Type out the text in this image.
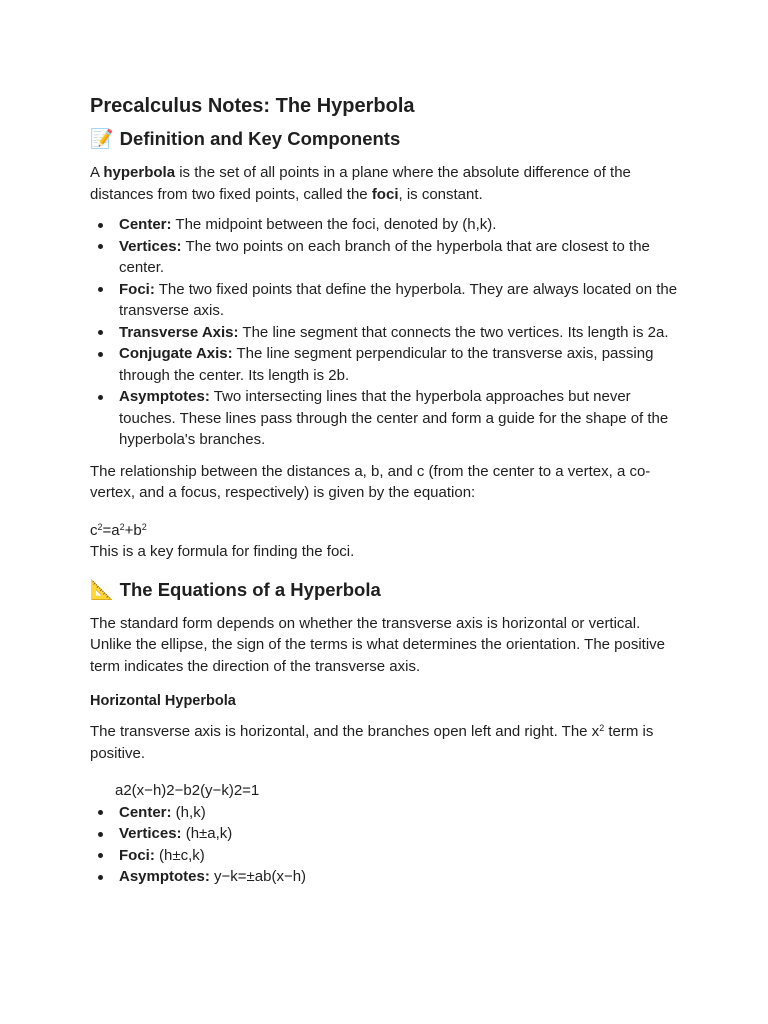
Precalculus Notes: The Hyperbola
📝 Definition and Key Components

A hyperbola is the set of all points in a plane where the absolute difference of the distances from two fixed points, called the foci, is constant.

Center: The midpoint between the foci, denoted by (h,k).
Vertices: The two points on each branch of the hyperbola that are closest to the center.
Foci: The two fixed points that define the hyperbola. They are always located on the transverse axis.
Transverse Axis: The line segment that connects the two vertices. Its length is 2a.
Conjugate Axis: The line segment perpendicular to the transverse axis, passing through the center. Its length is 2b.
Asymptotes: Two intersecting lines that the hyperbola approaches but never touches. These lines pass through the center and form a guide for the shape of the hyperbola's branches.

The relationship between the distances a, b, and c (from the center to a vertex, a co-vertex, and a focus, respectively) is given by the equation:

$c^2=a^2+b^2$

This is a key formula for finding the foci.

📐 The Equations of a Hyperbola

The standard form depends on whether the transverse axis is horizontal or vertical. Unlike the ellipse, the sign of the terms is what determines the orientation. The positive term indicates the direction of the transverse axis.

Horizontal Hyperbola

The transverse axis is horizontal, and the branches open left and right. The $x^2$ term is positive.

a2(x−h)2−b2(y−k)2=1

Center: (h,k)
Vertices: (h±a,k)
Foci: (h±c,k)
Asymptotes: y−k=±ab(x−h)
